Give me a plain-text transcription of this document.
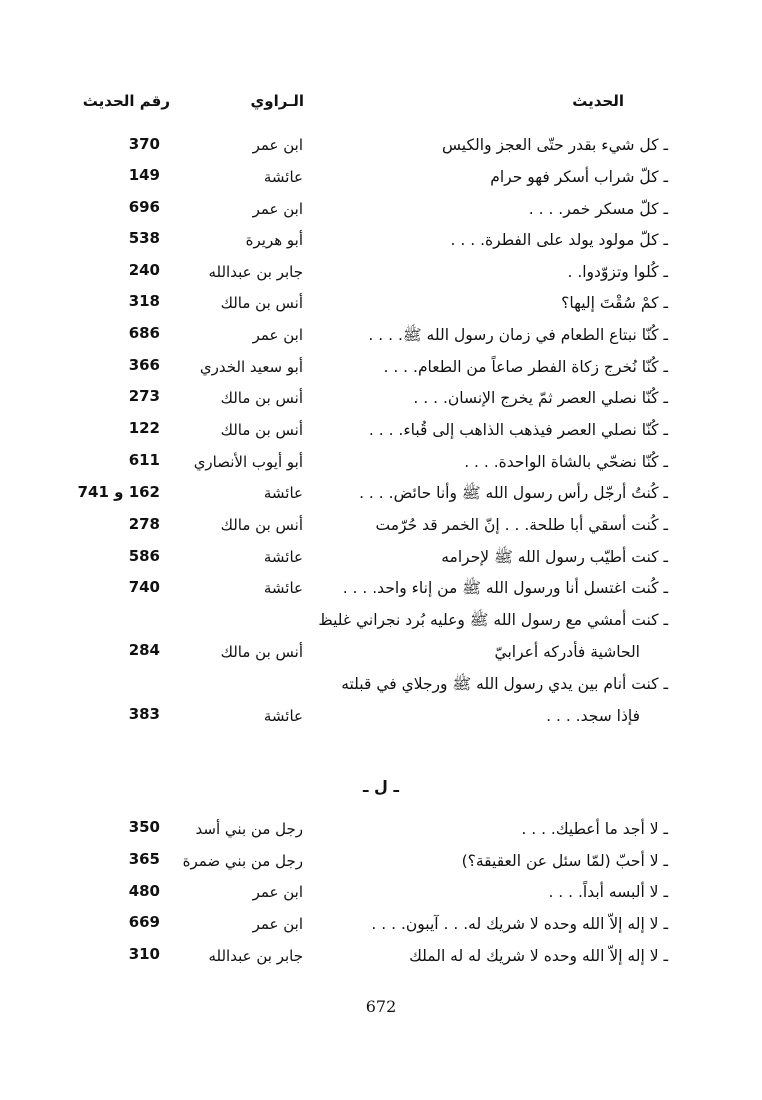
الحديث
الـراوي
رقم الحديث
ـ كل شيء بقدر حتّى العجز والكيس
ابن عمر
370
ـ كلّ شراب أسكر فهو حرام
عائشة
149
ـ كلّ مسكر خمر. . . .
ابن عمر
696
ـ كلّ مولود يولد على الفطرة. . . .
أبو هريرة
538
ـ كُلوا وتزوّدوا. .
جابر بن عبدالله
240
ـ كمْ سُقْتَ إليها؟
أنس بن مالك
318
ـ كُنّا نبتاع الطعام في زمان رسول الله ﷺ. . . .
ابن عمر
686
ـ كُنّا نُخرج زكاة الفطر صاعاً من الطعام. . . .
أبو سعيد الخدري
366
ـ كُنّا نصلي العصر ثمّ يخرج الإنسان. . . .
أنس بن مالك
273
ـ كُنّا نصلي العصر فيذهب الذاهب إلى قُباء. . . .
أنس بن مالك
122
ـ كُنّا نضحّي بالشاة الواحدة. . . .
أبو أيوب الأنصاري
611
ـ كُنتُ أرجّل رأس رسول الله ﷺ وأنا حائض. . . .
عائشة
162 و 741
ـ كُنت أسقي أبا طلحة. . . إنّ الخمر قد حُرّمت
أنس بن مالك
278
ـ كنت أطيّب رسول الله ﷺ لإحرامه
عائشة
586
ـ كُنت اغتسل أنا ورسول الله ﷺ من إناء واحد. . . .
عائشة
740
ـ كنت أمشي مع رسول الله ﷺ وعليه بُرد نجراني غليظ
الحاشية فأدركه أعرابيّ
أنس بن مالك
284
ـ كنت أنام بين يدي رسول الله ﷺ ورجلاي في قبلته
فإذا سجد. . . .
عائشة
383
ـ ل ـ
ـ لا أجد ما أعطيك. . . .
رجل من بني أسد
350
ـ لا أحبّ (لمّا سئل عن العقيقة؟)
رجل من بني ضمرة
365
ـ لا ألبسه أبداً. . . .
ابن عمر
480
ـ لا إله إلاّ الله وحده لا شريك له. . . آيبون. . . .
ابن عمر
669
ـ لا إله إلاّ الله وحده لا شريك له له الملك
جابر بن عبدالله
310
672
